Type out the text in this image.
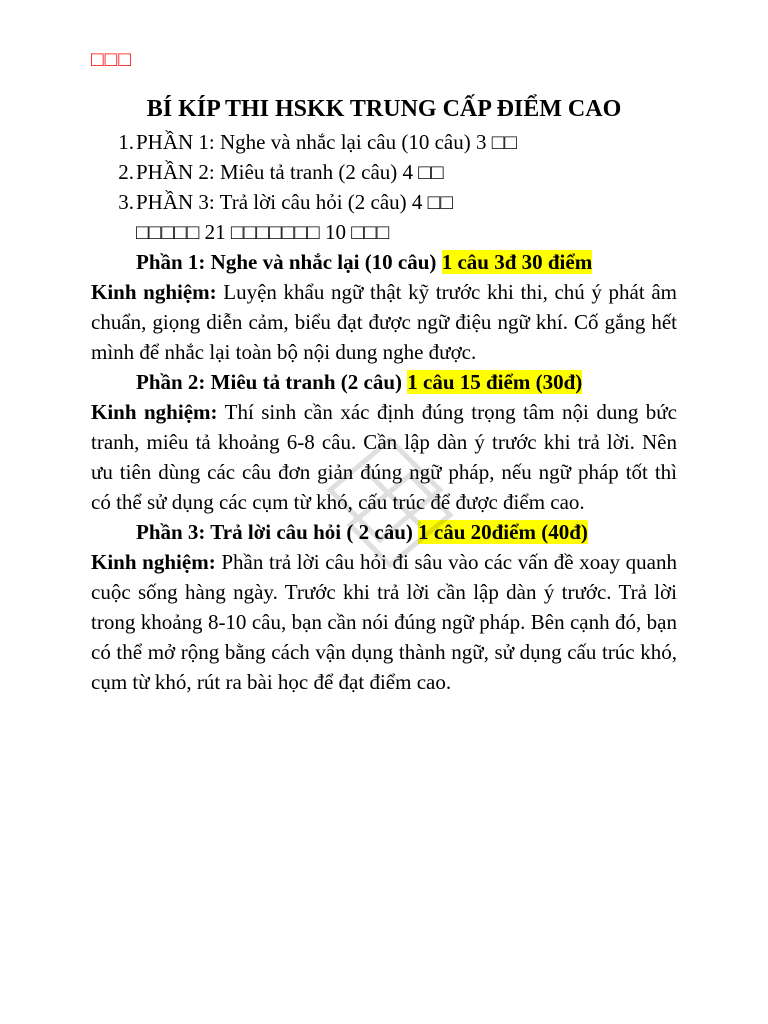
□□□
BÍ KÍP THI HSKK TRUNG CẤP ĐIỂM CAO
1. PHẦN 1: Nghe và nhắc lại câu (10 câu) 3 □□
2. PHẦN 2: Miêu tả tranh (2 câu) 4 □□
3. PHẦN 3: Trả lời câu hỏi (2 câu) 4 □□
□□□□□ 21 □□□□□□□ 10 □□□
Phần 1: Nghe và nhắc lại (10 câu) 1 câu 3đ 30 điểm
Kinh nghiệm: Luyện khẩu ngữ thật kỹ trước khi thi, chú ý phát âm chuẩn, giọng diễn cảm, biểu đạt được ngữ điệu ngữ khí. Cố gắng hết mình để nhắc lại toàn bộ nội dung nghe được.
Phần 2: Miêu tả tranh (2 câu) 1 câu 15 điểm (30đ)
Kinh nghiệm: Thí sinh cần xác định đúng trọng tâm nội dung bức tranh, miêu tả khoảng 6-8 câu. Cần lập dàn ý trước khi trả lời. Nên ưu tiên dùng các câu đơn giản đúng ngữ pháp, nếu ngữ pháp tốt thì có thể sử dụng các cụm từ khó, cấu trúc để được điểm cao.
Phần 3: Trả lời câu hỏi ( 2 câu) 1 câu 20điểm (40đ)
Kinh nghiệm: Phần trả lời câu hỏi đi sâu vào các vấn đề xoay quanh cuộc sống hàng ngày. Trước khi trả lời cần lập dàn ý trước. Trả lời trong khoảng 8-10 câu, bạn cần nói đúng ngữ pháp. Bên cạnh đó, bạn có thể mở rộng bằng cách vận dụng thành ngữ, sử dụng cấu trúc khó, cụm từ khó, rút ra bài học để đạt điểm cao.
